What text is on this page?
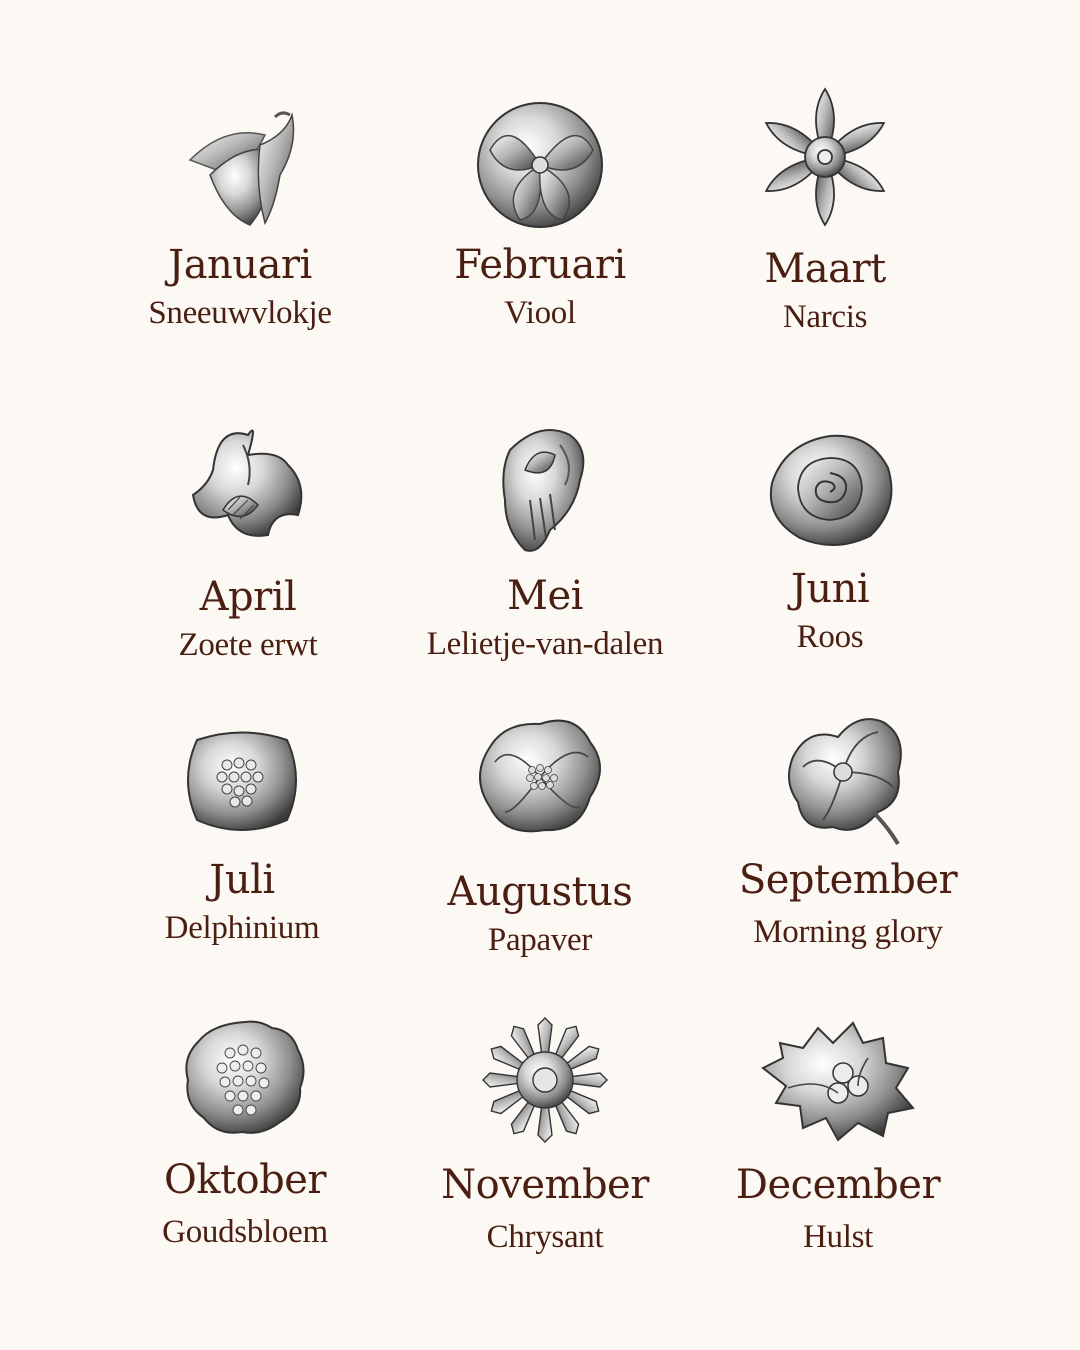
Januari
Sneeuwvlokje
Februari
Viool
Maart
Narcis
April
Zoete erwt
Mei
Lelietje-van-dalen
Juni
Roos
Juli
Delphinium
Augustus
Papaver
September
Morning glory
Oktober
Goudsbloem
November
Chrysant
December
Hulst
